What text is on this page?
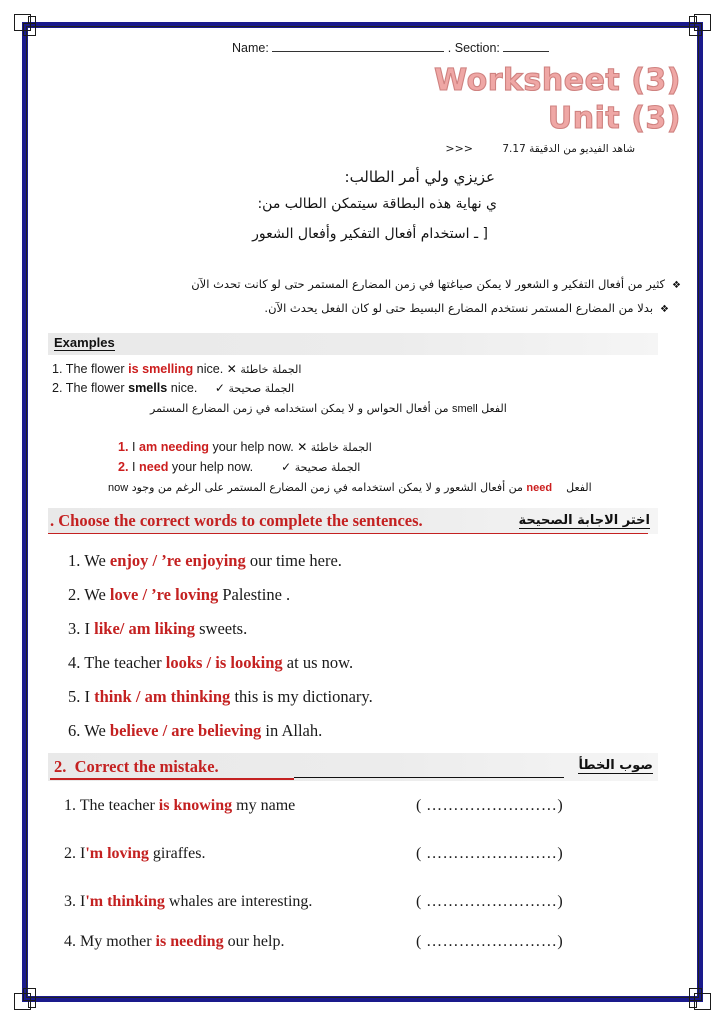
Name:	. Section:
Worksheet (3)
Unit (3)
شاهد الفيديو من الدقيقة 7.17 <<<
عزيزي ولي أمر الطالب:
ي نهاية هذه البطاقة سيتمكن الطالب من:
[ ـ استخدام أفعال التفكير وأفعال الشعور
❖كثير من أفعال التفكير و الشعور لا يمكن صياغتها في زمن المضارع المستمر حتى لو كانت تحدث الآن
❖بدلا من المضارع المستمر نستخدم المضارع البسيط حتى لو كان الفعل يحدث الآن.
Examples
1. The flower is smelling nice. ✕ الجملة خاطئة
2. The flower smells nice. ✓ الجملة صحيحة
الفعل smell من أفعال الحواس و لا يمكن استخدامه في زمن المضارع المستمر
1. I am needing your help now. ✕ الجملة خاطئة
2. I need your help now. ✓ الجملة صحيحة
الفعل    need من أفعال الشعور و لا يمكن استخدامه في زمن المضارع المستمر على الرغم من وجود now
. Choose the correct words to complete the sentences.	اختر الاجابة الصحيحة
1. We enjoy / ’re enjoying our time here.
2. We love / ’re loving Palestine .
3. I like/ am liking sweets.
4. The teacher looks / is looking at us now.
5. I think / am thinking this is my dictionary.
6. We believe / are believing in Allah.
2. Correct the mistake.	صوب الخطأ
1. The teacher is knowing my name	( ……………………)
2. I'm loving giraffes.	( ……………………)
3. I'm thinking whales are interesting.	( ……………………)
4. My mother is needing our help.	( ……………………)
